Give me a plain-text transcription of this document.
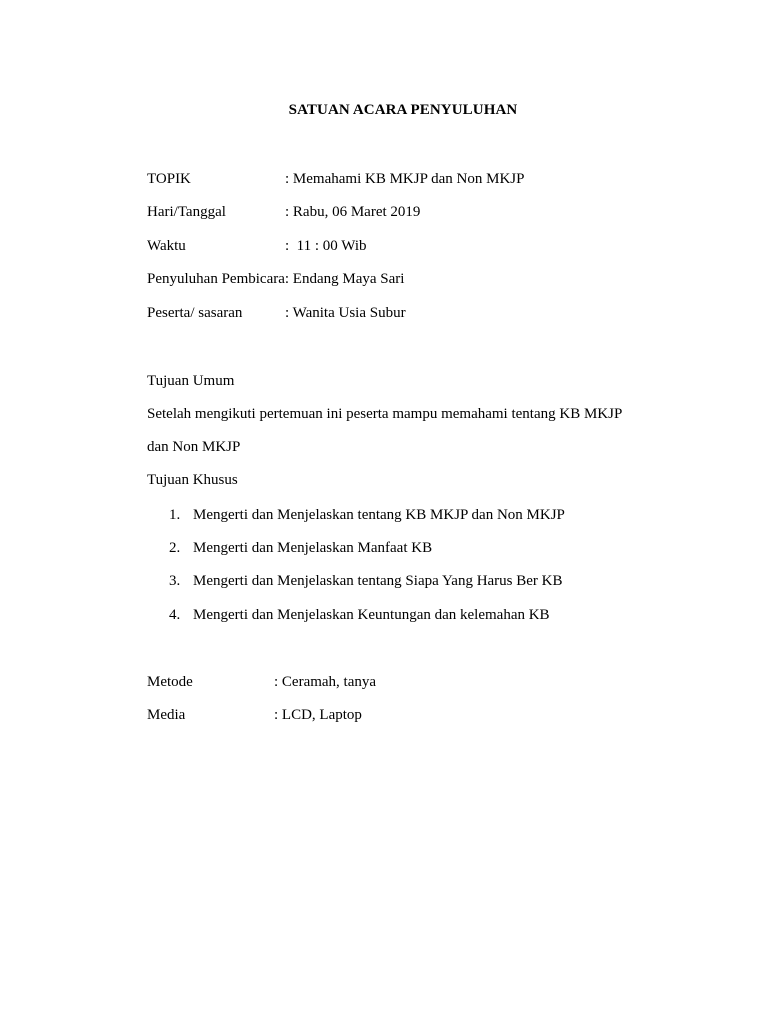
SATUAN ACARA PENYULUHAN
TOPIK	: Memahami KB MKJP dan Non MKJP
Hari/Tanggal	: Rabu, 06 Maret 2019
Waktu	:  11 : 00 Wib
Penyuluhan Pembicara: Endang Maya Sari
Peserta/ sasaran	: Wanita Usia Subur
Tujuan Umum
Setelah mengikuti pertemuan ini peserta mampu memahami tentang KB MKJP
dan Non MKJP
Tujuan Khusus
1. Mengerti dan Menjelaskan tentang KB MKJP dan Non MKJP
2. Mengerti dan Menjelaskan Manfaat KB
3. Mengerti dan Menjelaskan tentang Siapa Yang Harus Ber KB
4. Mengerti dan Menjelaskan Keuntungan dan kelemahan KB
Metode	: Ceramah, tanya
Media	: LCD, Laptop
